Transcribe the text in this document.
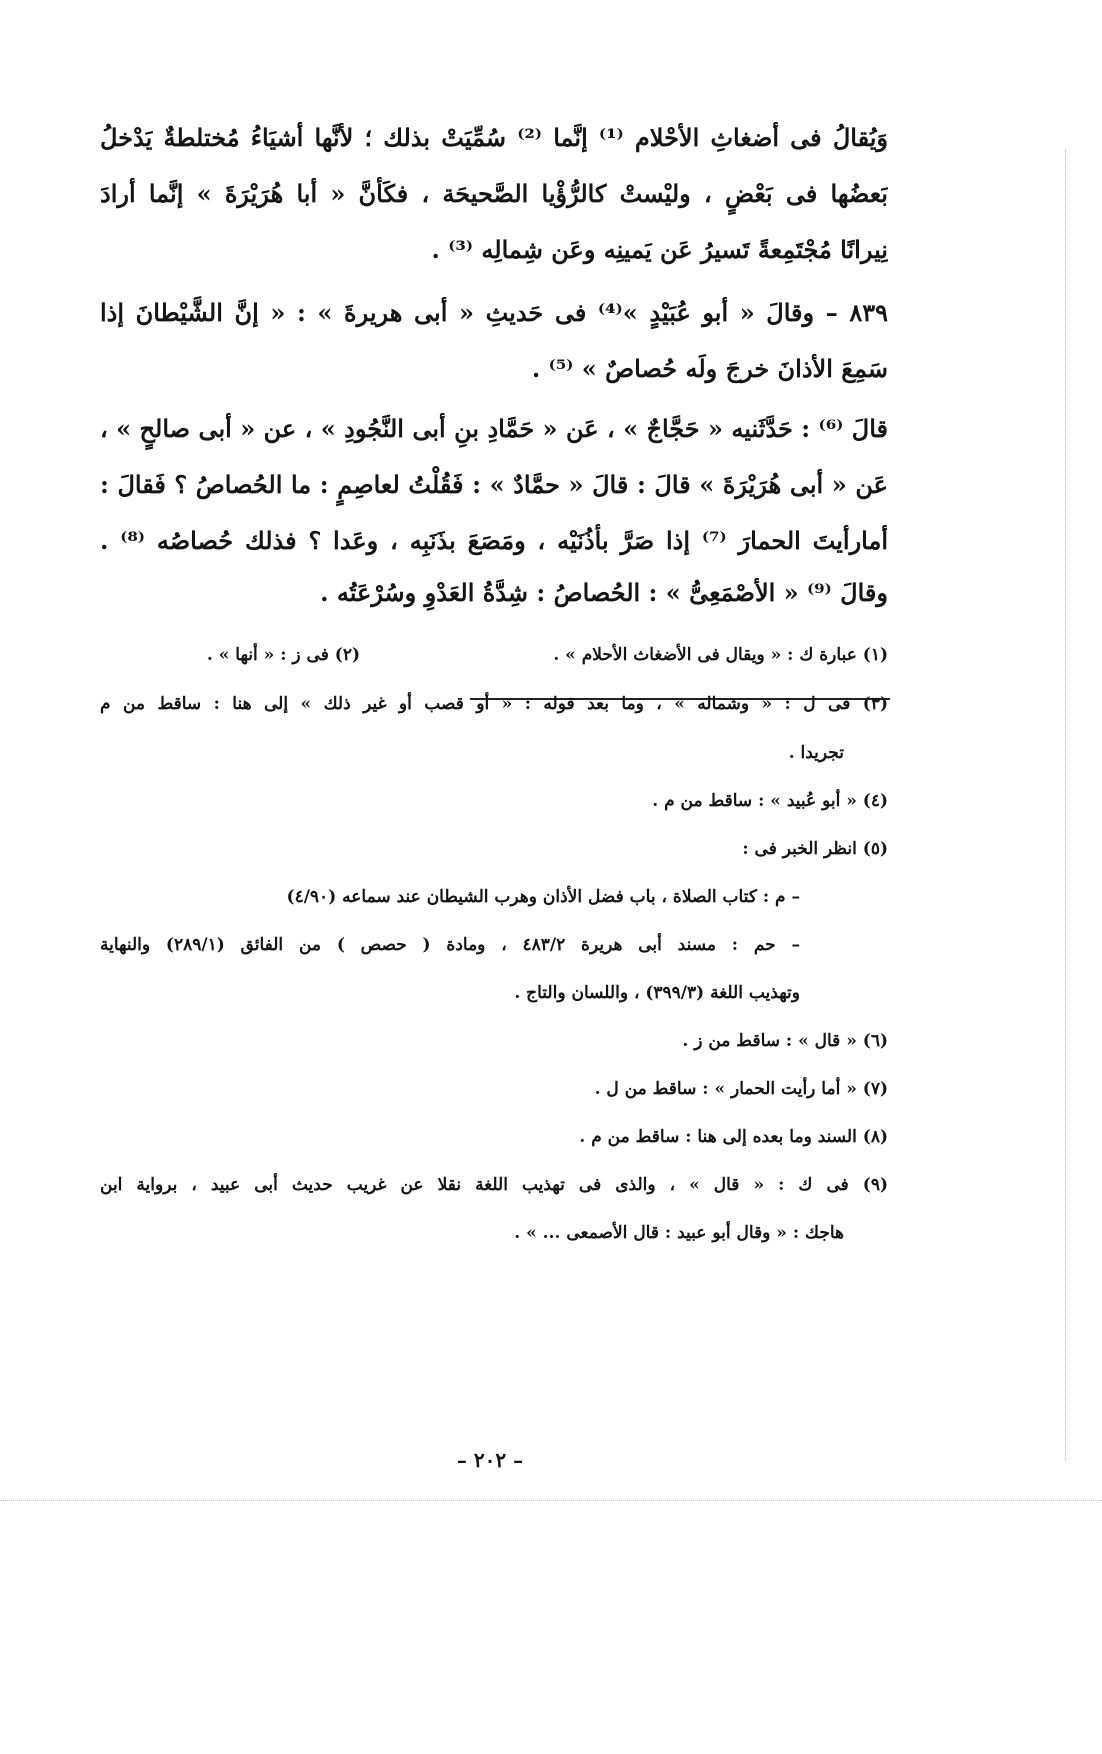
وَيُقالُ فى أضغاثِ الأحْلام ⁽¹⁾ إنَّما ⁽²⁾ سُمِّيَتْ بذلك ؛ لأنَّها أشيَاءُ مُختلطةٌ يَدْخلُ
بَعضُها فى بَعْضٍ ، وليْستْ كالرُّؤْيا الصَّحيحَة ، فكَأنَّ « أبا هُرَيْرَةَ » إنَّما أرادَ
نِيرانًا مُجْتَمِعةً تَسيرُ عَن يَمينِه وعَن شِمالِه ⁽³⁾ .
٨٣٩ – وقالَ « أبو عُبَيْدٍ »⁽⁴⁾ فى حَديثِ « أبى هريرةَ » : « إنَّ الشَّيْطانَ إذا
سَمِعَ الأذانَ خرجَ ولَه حُصاصٌ » ⁽⁵⁾ .
قالَ ⁽⁶⁾ : حَدَّثَنيه « حَجَّاجٌ » ، عَن « حَمَّادِ بنِ أبى النَّجُودِ » ، عن « أبى صالحٍ » ،
عَن « أبى هُرَيْرَةَ » قالَ : قالَ « حمَّادٌ » : فَقُلْتُ لعاصِمٍ : ما الحُصاصُ ؟ فَقالَ :
أمارأيتَ الحمارَ ⁽⁷⁾ إذا صَرَّ بأذُنَيْه ، ومَصَعَ بذَنَبِه ، وعَدا ؟ فذلك حُصاصُه ⁽⁸⁾ .
وقالَ ⁽⁹⁾ « الأصْمَعِىُّ » : الحُصاصُ : شِدَّةُ العَدْوِ وسُرْعَتُه .
(١) عبارة ك : « ويقال فى الأضغاث الأحلام » .
(٢) فى ز : « أنها » .
(٣) فى ل : « وشماله » ، وما بعد قوله : « أو قصب أو غير ذلك » إلى هنا : ساقط من م
تجريدا .
(٤) « أبو عُبيد » : ساقط من م .
(٥) انظر الخبر فى :
– م : كتاب الصلاة ، باب فضل الأذان وهرب الشيطان عند سماعه (٤/٩٠)
– حم : مسند أبى هريرة ٤٨٣/٢ ، ومادة ( حصص ) من الفائق (٢٨٩/١) والنهاية
وتهذيب اللغة (٣٩٩/٣) ، واللسان والتاج .
(٦) « قال » : ساقط من ز .
(٧) « أما رأيت الحمار » : ساقط من ل .
(٨) السند وما بعده إلى هنا : ساقط من م .
(٩) فى ك : « قال » ، والذى فى تهذيب اللغة نقلا عن غريب حديث أبى عبيد ، برواية ابن
هاجك : « وقال أبو عبيد : قال الأصمعى ... » .
– ٢٠٢ –
